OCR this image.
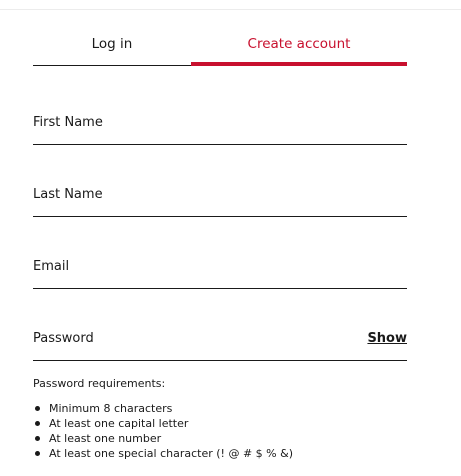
Log in	Create account
First Name
Last Name
Email
Password	Show
Password requirements:
Minimum 8 characters
At least one capital letter
At least one number
At least one special character (! @ # $ % &)
